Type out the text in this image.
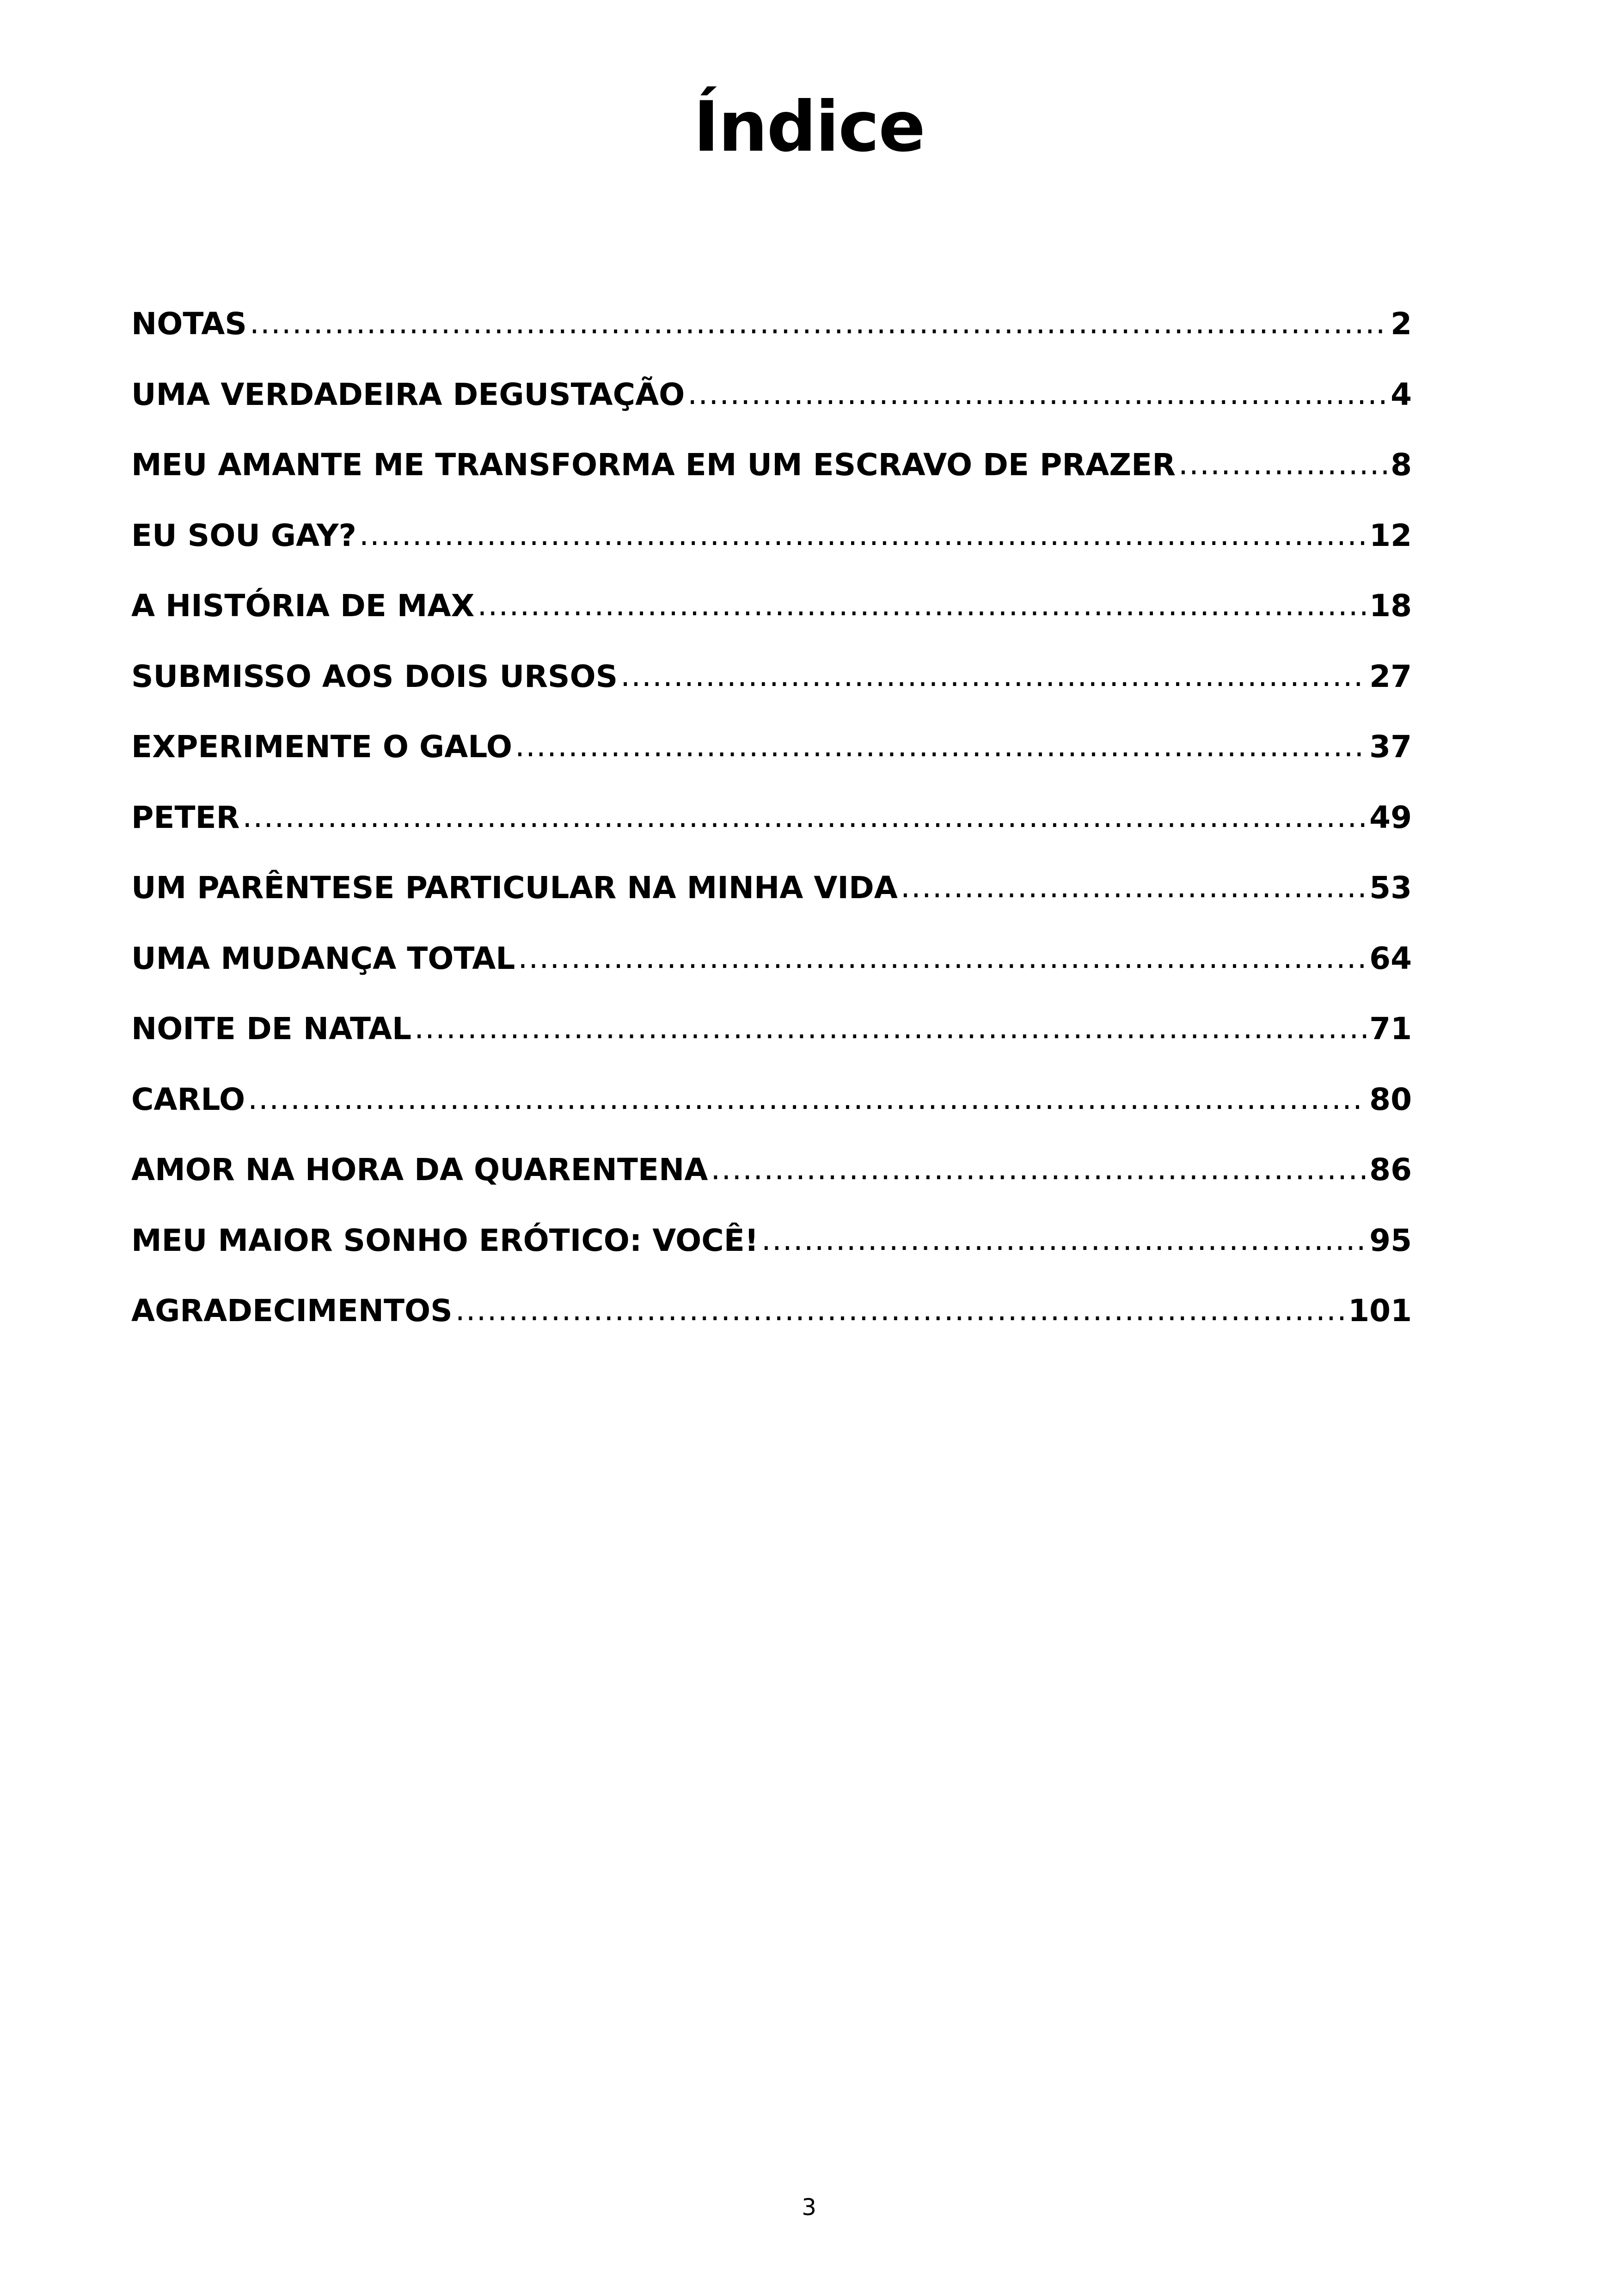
Índice
NOTAS .....	2
UMA VERDADEIRA DEGUSTAÇÃO .....	4
MEU AMANTE ME TRANSFORMA EM UM ESCRAVO DE PRAZER .....	8
EU SOU GAY? .....	12
A HISTÓRIA DE MAX .....	18
SUBMISSO AOS DOIS URSOS .....	27
EXPERIMENTE O GALO .....	37
PETER .....	49
UM PARÊNTESE PARTICULAR NA MINHA VIDA .....	53
UMA MUDANÇA TOTAL .....	64
NOITE DE NATAL .....	71
CARLO .....	80
AMOR NA HORA DA QUARENTENA .....	86
MEU MAIOR SONHO ERÓTICO: VOCÊ! .....	95
AGRADECIMENTOS .....	101
3
